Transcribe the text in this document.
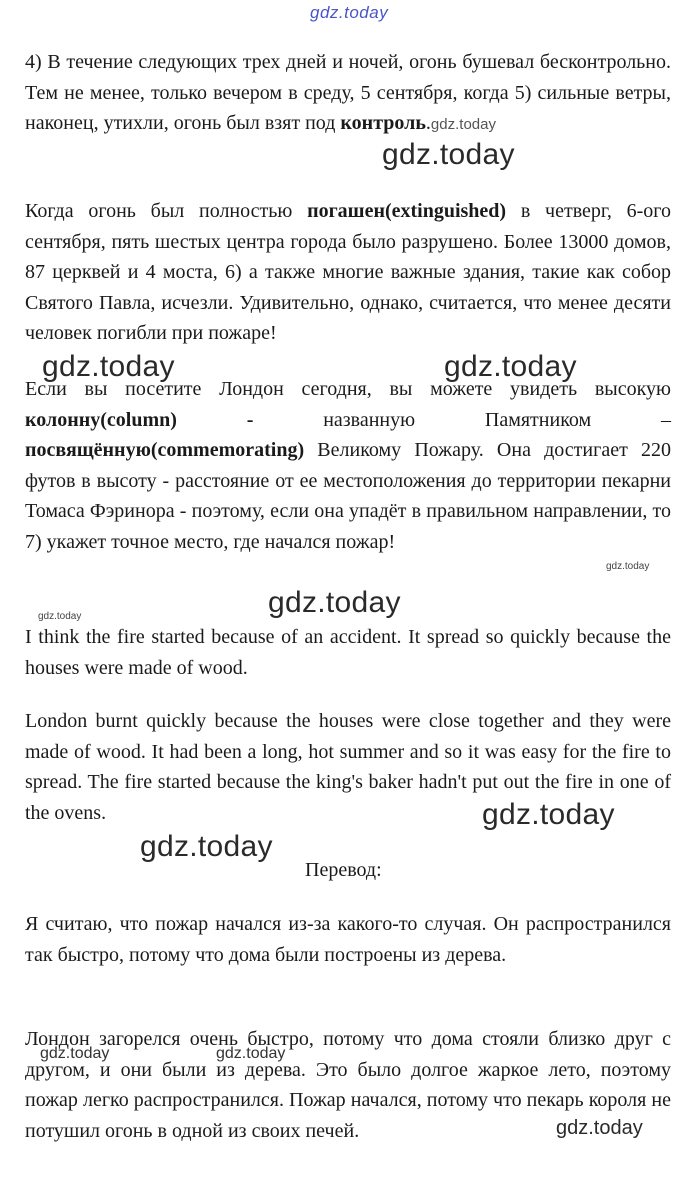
gdz.today

4) В течение следующих трех дней и ночей, огонь бушевал бесконтрольно. Тем не менее, только вечером в среду, 5 сентября, когда 5) сильные ветры, наконец, утихли, огонь был взят под контроль.gdz.today

gdz.today

Когда огонь был полностью погашен(extinguished) в четверг, 6-ого сентября, пять шестых центра города было разрушено. Более 13000 домов, 87 церквей и 4 моста, 6) а также многие важные здания, такие как собор Святого Павла, исчезли. Удивительно, однако, считается, что менее десяти человек погибли при пожаре!

gdz.today	gdz.today

Если вы посетите Лондон сегодня, вы можете увидеть высокую колонну(column) - названную Памятником – посвящённую(commemorating) Великому Пожару. Она достигает 220 футов в высоту - расстояние от ее местоположения до территории пекарни Томаса Фэринора - поэтому, если она упадёт в правильном направлении, то 7) укажет точное место, где начался пожар!

gdz.today
gdz.today
gdz.today

I think the fire started because of an accident. It spread so quickly because the houses were made of wood.

London burnt quickly because the houses were close together and they were made of wood. It had been a long, hot summer and so it was easy for the fire to spread. The fire started because the king's baker hadn't put out the fire in one of the ovens.	gdz.today
gdz.today
Перевод:

Я считаю, что пожар начался из-за какого-то случая. Он распространился так быстро, потому что дома были построены из дерева.

Лондон загорелся очень быстро, потому что дома стояли близко друг с другом, и они были из дерева. Это было долгое жаркое лето, поэтому пожар легко распространился. Пожар начался, потому что пекарь короля не потушил огонь в одной из своих печей.

gdz.today	gdz.today
gdz.today
